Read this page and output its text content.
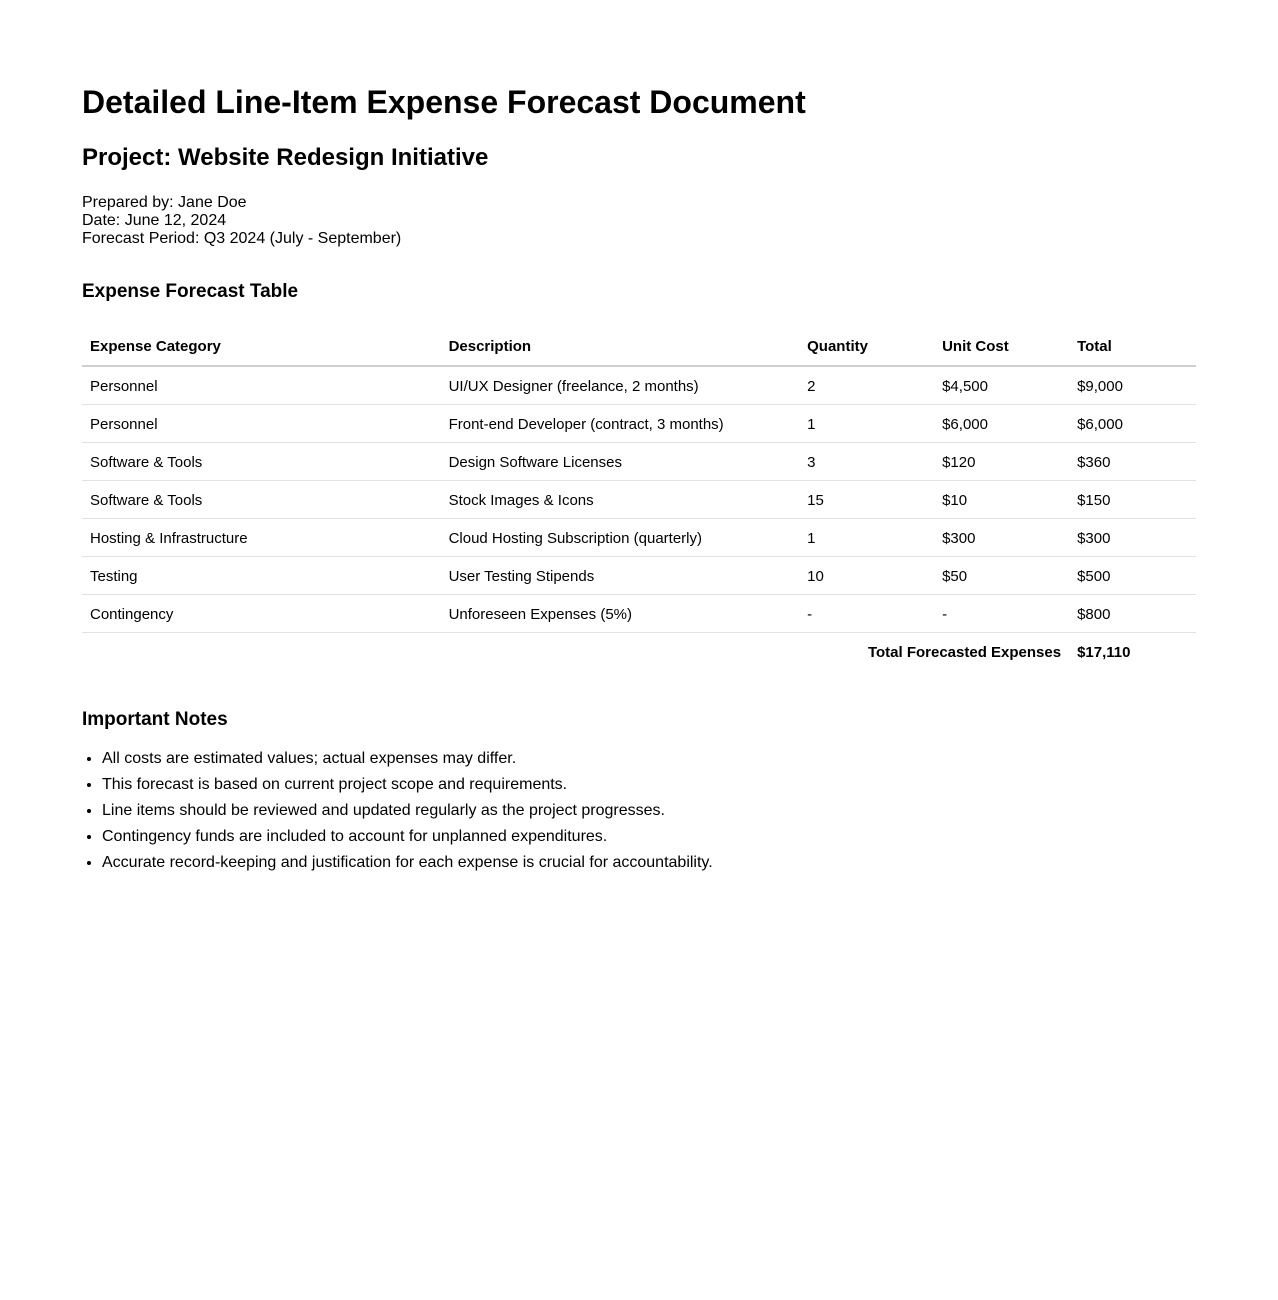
Detailed Line-Item Expense Forecast Document
Project: Website Redesign Initiative
Prepared by: Jane Doe
Date: June 12, 2024
Forecast Period: Q3 2024 (July - September)
Expense Forecast Table
Expense Category	Description	Quantity	Unit Cost	Total
Personnel	UI/UX Designer (freelance, 2 months)	2	$4,500	$9,000
Personnel	Front-end Developer (contract, 3 months)	1	$6,000	$6,000
Software & Tools	Design Software Licenses	3	$120	$360
Software & Tools	Stock Images & Icons	15	$10	$150
Hosting & Infrastructure	Cloud Hosting Subscription (quarterly)	1	$300	$300
Testing	User Testing Stipends	10	$50	$500
Contingency	Unforeseen Expenses (5%)	-	-	$800
Total Forecasted Expenses				$17,110
Important Notes
• All costs are estimated values; actual expenses may differ.
• This forecast is based on current project scope and requirements.
• Line items should be reviewed and updated regularly as the project progresses.
• Contingency funds are included to account for unplanned expenditures.
• Accurate record-keeping and justification for each expense is crucial for accountability.
